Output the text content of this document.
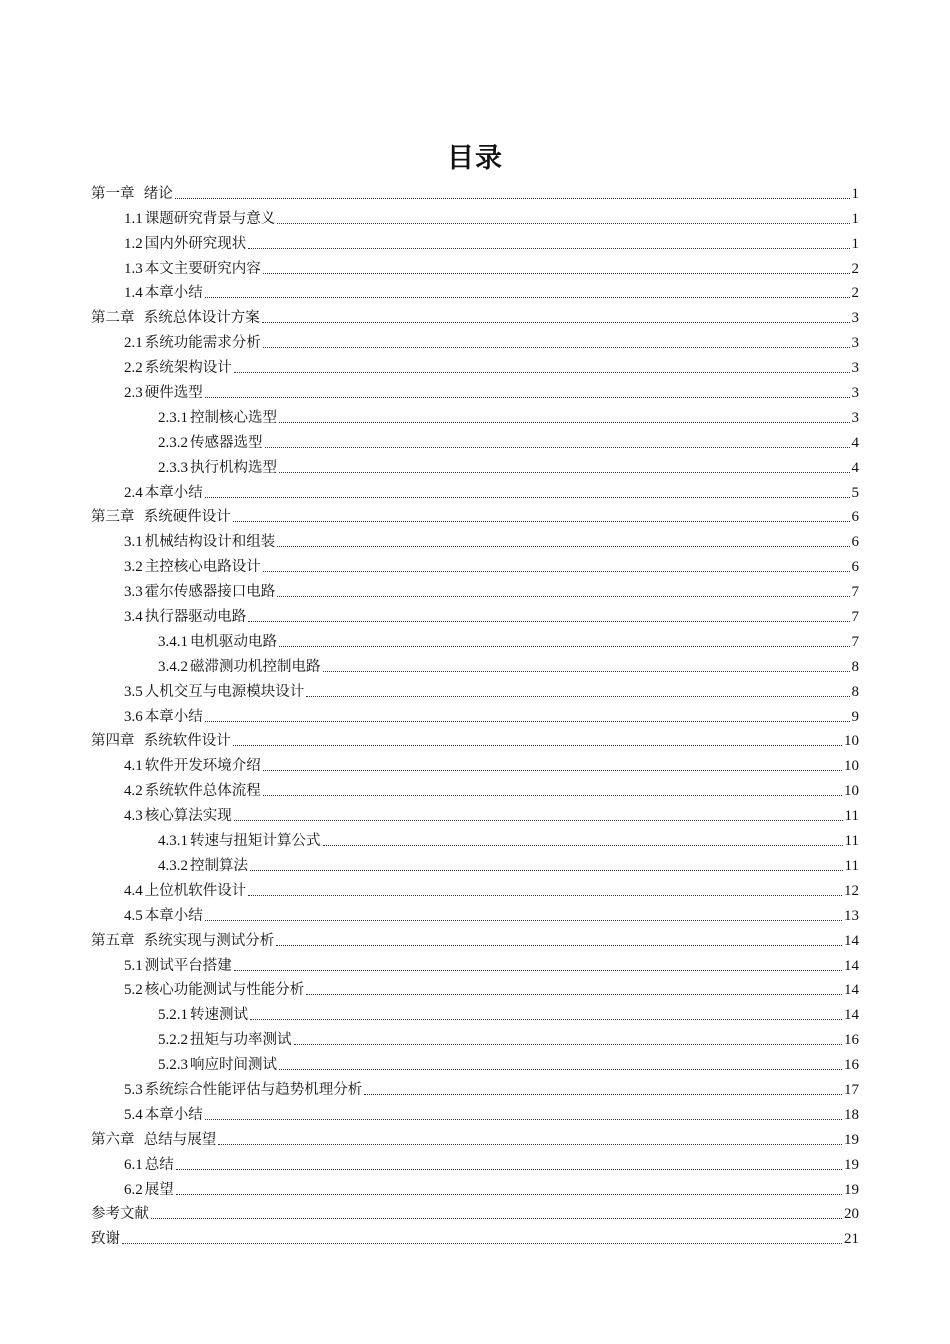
目录
第一章  绪论	1
1.1 课题研究背景与意义	1
1.2 国内外研究现状	1
1.3 本文主要研究内容	2
1.4 本章小结	2
第二章  系统总体设计方案	3
2.1 系统功能需求分析	3
2.2 系统架构设计	3
2.3 硬件选型	3
2.3.1 控制核心选型	3
2.3.2 传感器选型	4
2.3.3 执行机构选型	4
2.4 本章小结	5
第三章  系统硬件设计	6
3.1 机械结构设计和组装	6
3.2 主控核心电路设计	6
3.3 霍尔传感器接口电路	7
3.4 执行器驱动电路	7
3.4.1 电机驱动电路	7
3.4.2 磁滞测功机控制电路	8
3.5 人机交互与电源模块设计	8
3.6 本章小结	9
第四章  系统软件设计	10
4.1 软件开发环境介绍	10
4.2 系统软件总体流程	10
4.3 核心算法实现	11
4.3.1 转速与扭矩计算公式	11
4.3.2 控制算法	11
4.4 上位机软件设计	12
4.5 本章小结	13
第五章  系统实现与测试分析	14
5.1 测试平台搭建	14
5.2 核心功能测试与性能分析	14
5.2.1 转速测试	14
5.2.2 扭矩与功率测试	16
5.2.3 响应时间测试	16
5.3 系统综合性能评估与趋势机理分析	17
5.4 本章小结	18
第六章  总结与展望	19
6.1 总结	19
6.2 展望	19
参考文献	20
致谢	21
